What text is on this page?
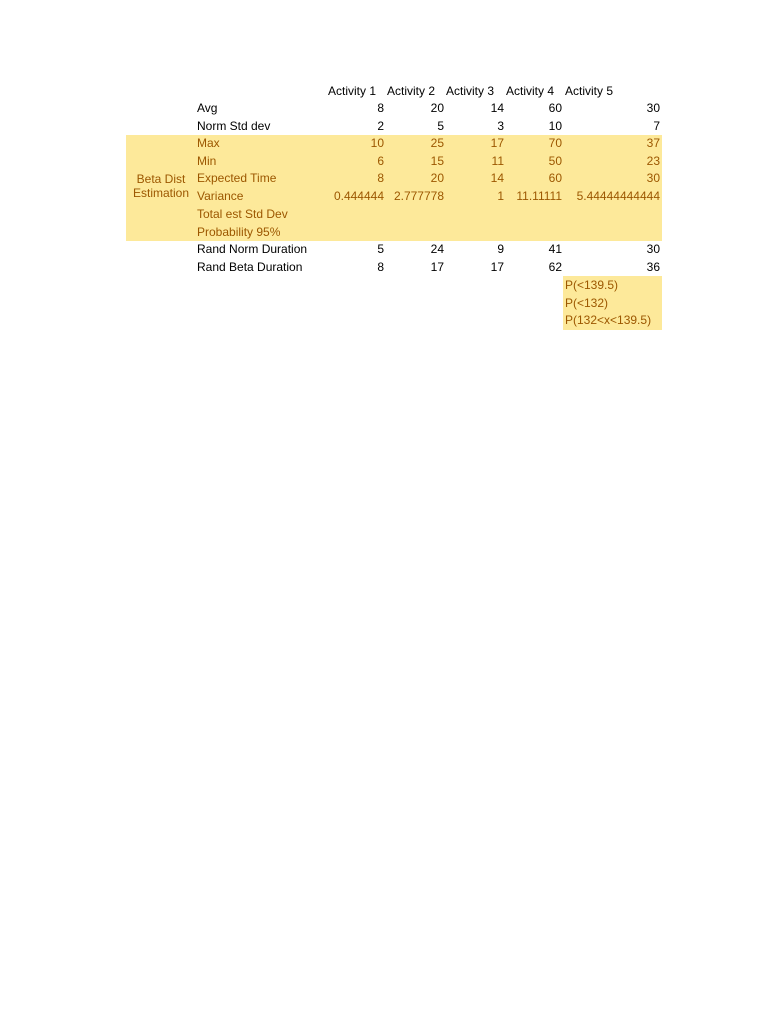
Activity 1 Activity 2 Activity 3 Activity 4 Activity 5
Beta Dist
Estimation
Avg	8	20	14	60	30
Norm Std dev	2	5	3	10	7
Max	10	25	17	70	37
Min	6	15	11	50	23
Expected Time	8	20	14	60	30
Variance	0.444444 2.777778	1	11.11111	5.44444444444
Total est Std Dev
Probability 95%
Rand Norm Duration	5	24	9	41	30
Rand Beta Duration	8	17	17	62	36
P(<139.5)
P(<132)
P(132<x<139.5)
